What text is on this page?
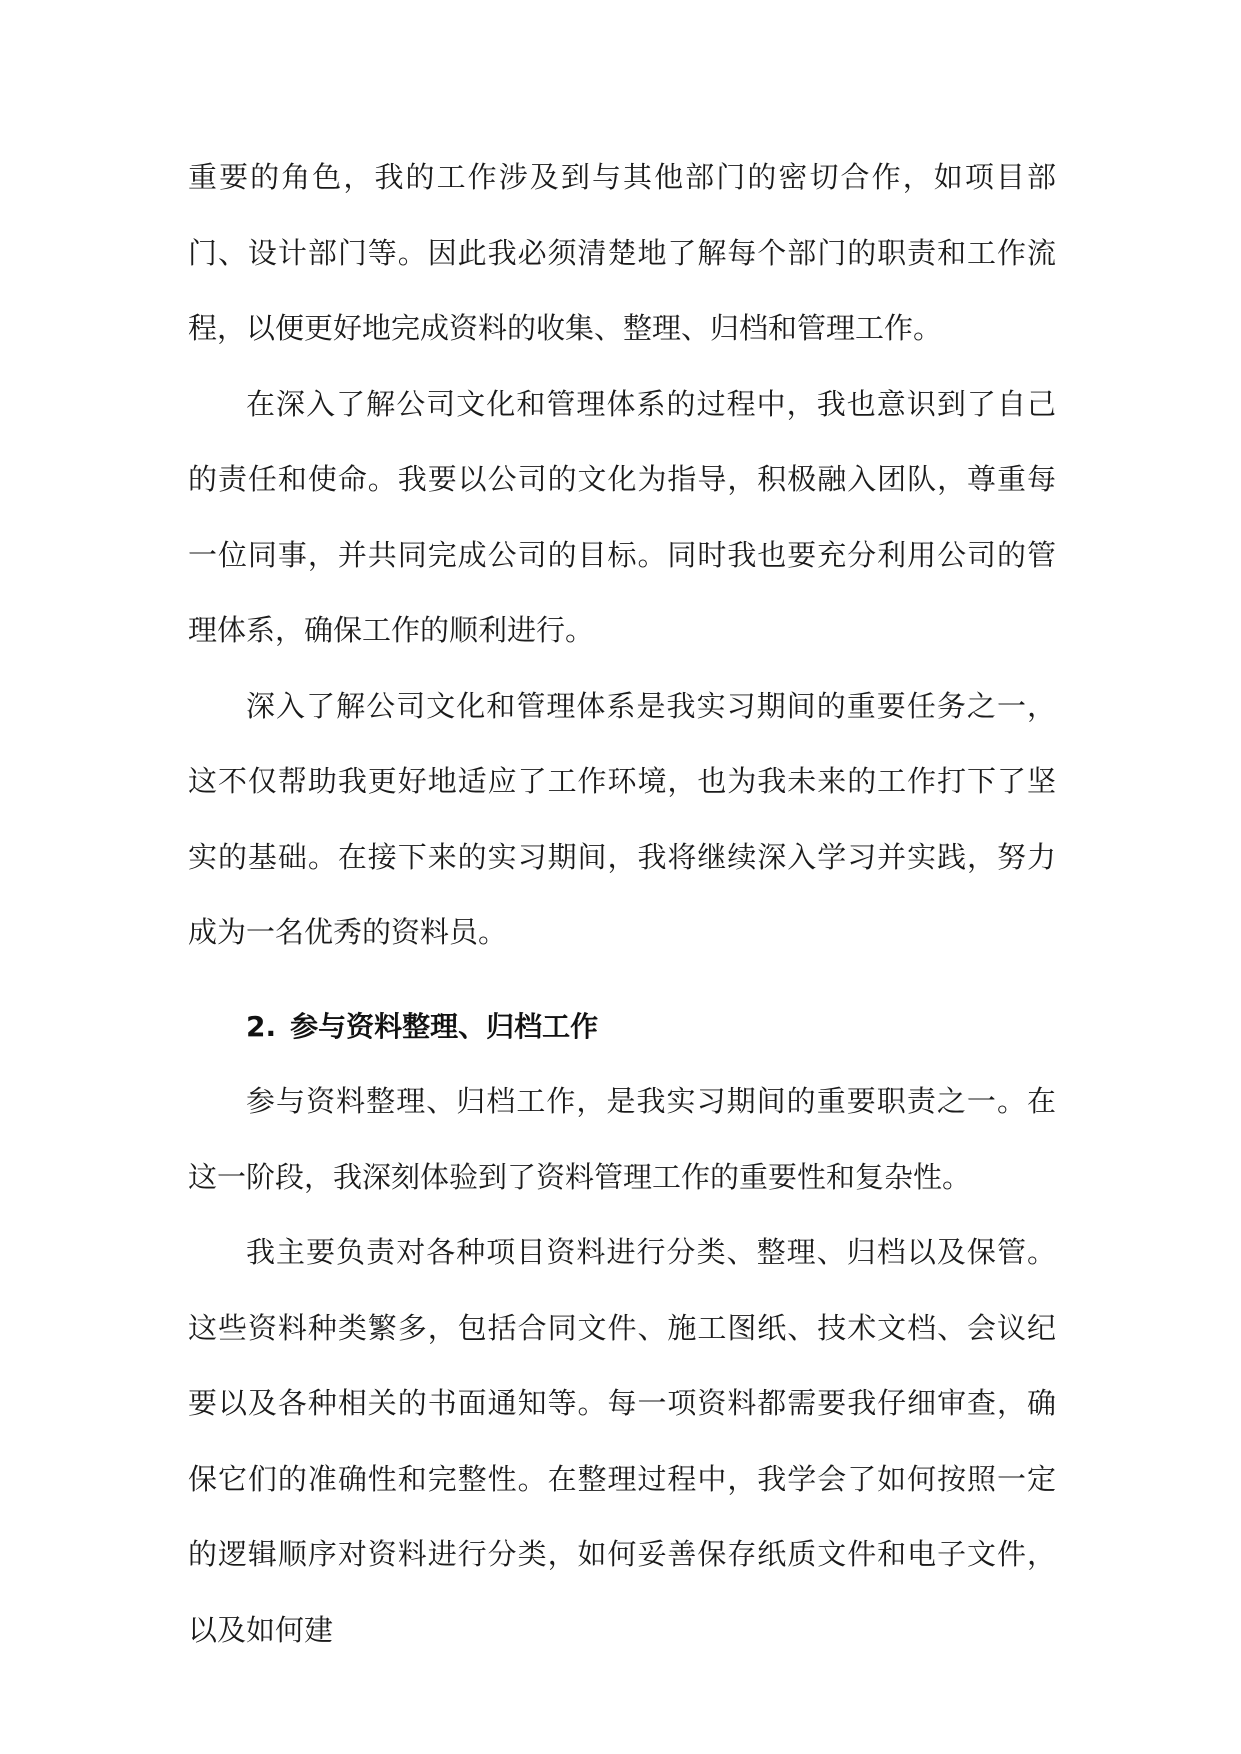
重要的角色，我的工作涉及到与其他部门的密切合作，如项目部门、设计部门等。因此我必须清楚地了解每个部门的职责和工作流程，以便更好地完成资料的收集、整理、归档和管理工作。

在深入了解公司文化和管理体系的过程中，我也意识到了自己的责任和使命。我要以公司的文化为指导，积极融入团队，尊重每一位同事，并共同完成公司的目标。同时我也要充分利用公司的管理体系，确保工作的顺利进行。

深入了解公司文化和管理体系是我实习期间的重要任务之一，这不仅帮助我更好地适应了工作环境，也为我未来的工作打下了坚实的基础。在接下来的实习期间，我将继续深入学习并实践，努力成为一名优秀的资料员。

2. 参与资料整理、归档工作

参与资料整理、归档工作，是我实习期间的重要职责之一。在这一阶段，我深刻体验到了资料管理工作的重要性和复杂性。

我主要负责对各种项目资料进行分类、整理、归档以及保管。这些资料种类繁多，包括合同文件、施工图纸、技术文档、会议纪要以及各种相关的书面通知等。每一项资料都需要我仔细审查，确保它们的准确性和完整性。在整理过程中，我学会了如何按照一定的逻辑顺序对资料进行分类，如何妥善保存纸质文件和电子文件，以及如何建
